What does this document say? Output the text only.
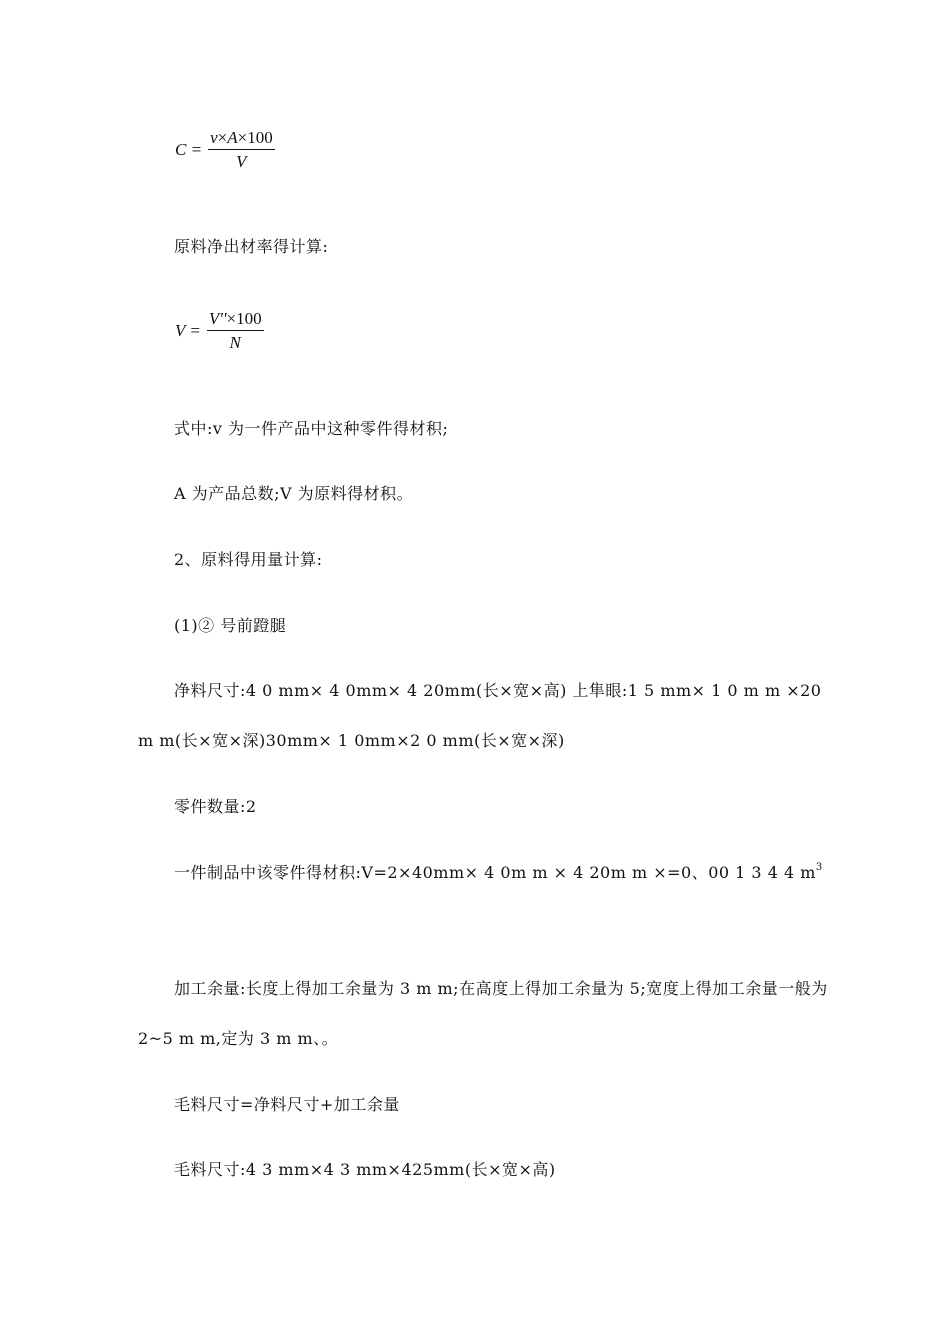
$C = \frac{v\times A\times 100}{V}$
原料净出材率得计算:
$V = \frac{V''\times 100}{N}$
式中:v 为一件产品中这种零件得材积;
A 为产品总数;V 为原料得材积。
2、原料得用量计算:
(1)② 号前蹬腿
净料尺寸:4 0 mm× 4 0mm× 4 20mm(长×宽×高) 上隼眼:1 5 mm× 1 0 m m ×20 m m(长×宽×深)30mm× 1 0mm×2 0 mm(长×宽×深)
零件数量:2
一件制品中该零件得材积:V=2×40mm× 4 0m m × 4 20m m ×=0、00 1 3 4 4 $m^3$
加工余量:长度上得加工余量为 3 m m;在高度上得加工余量为 5;宽度上得加工余量一般为 2~5 m m,定为 3 m m、。
毛料尺寸=净料尺寸+加工余量
毛料尺寸:4 3 mm×4 3 mm×425mm(长×宽×高)
